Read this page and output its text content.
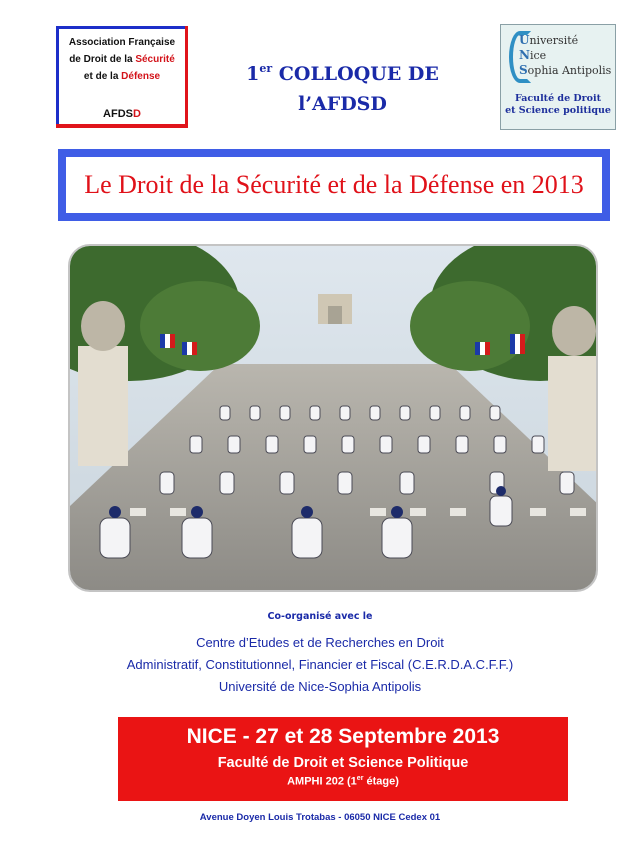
Association Française
de Droit de la Sécurité
et de la Défense
AFDSD
1er COLLOQUE DE
l’AFDSD
Université
Nice
Sophia Antipolis
Faculté de Droit
et Science politique
Le Droit de la Sécurité et de la Défense en 2013
Co-organisé avec le
Centre d’Etudes et de Recherches en Droit
Administratif, Constitutionnel, Financier et Fiscal (C.E.R.D.A.C.F.F.)
Université de Nice-Sophia Antipolis
NICE - 27 et 28 Septembre 2013
Faculté de Droit et Science Politique
AMPHI 202 (1er étage)
Avenue Doyen Louis Trotabas - 06050 NICE Cedex 01
